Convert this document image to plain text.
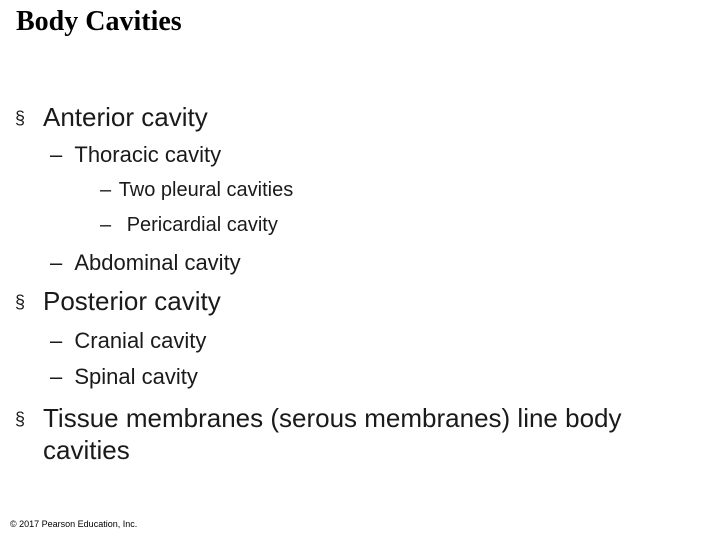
Body Cavities
§ Anterior cavity
– Thoracic cavity
– Two pleural cavities
– Pericardial cavity
– Abdominal cavity
§ Posterior cavity
– Cranial cavity
– Spinal cavity
§ Tissue membranes (serous membranes) line body
cavities
© 2017 Pearson Education, Inc.
